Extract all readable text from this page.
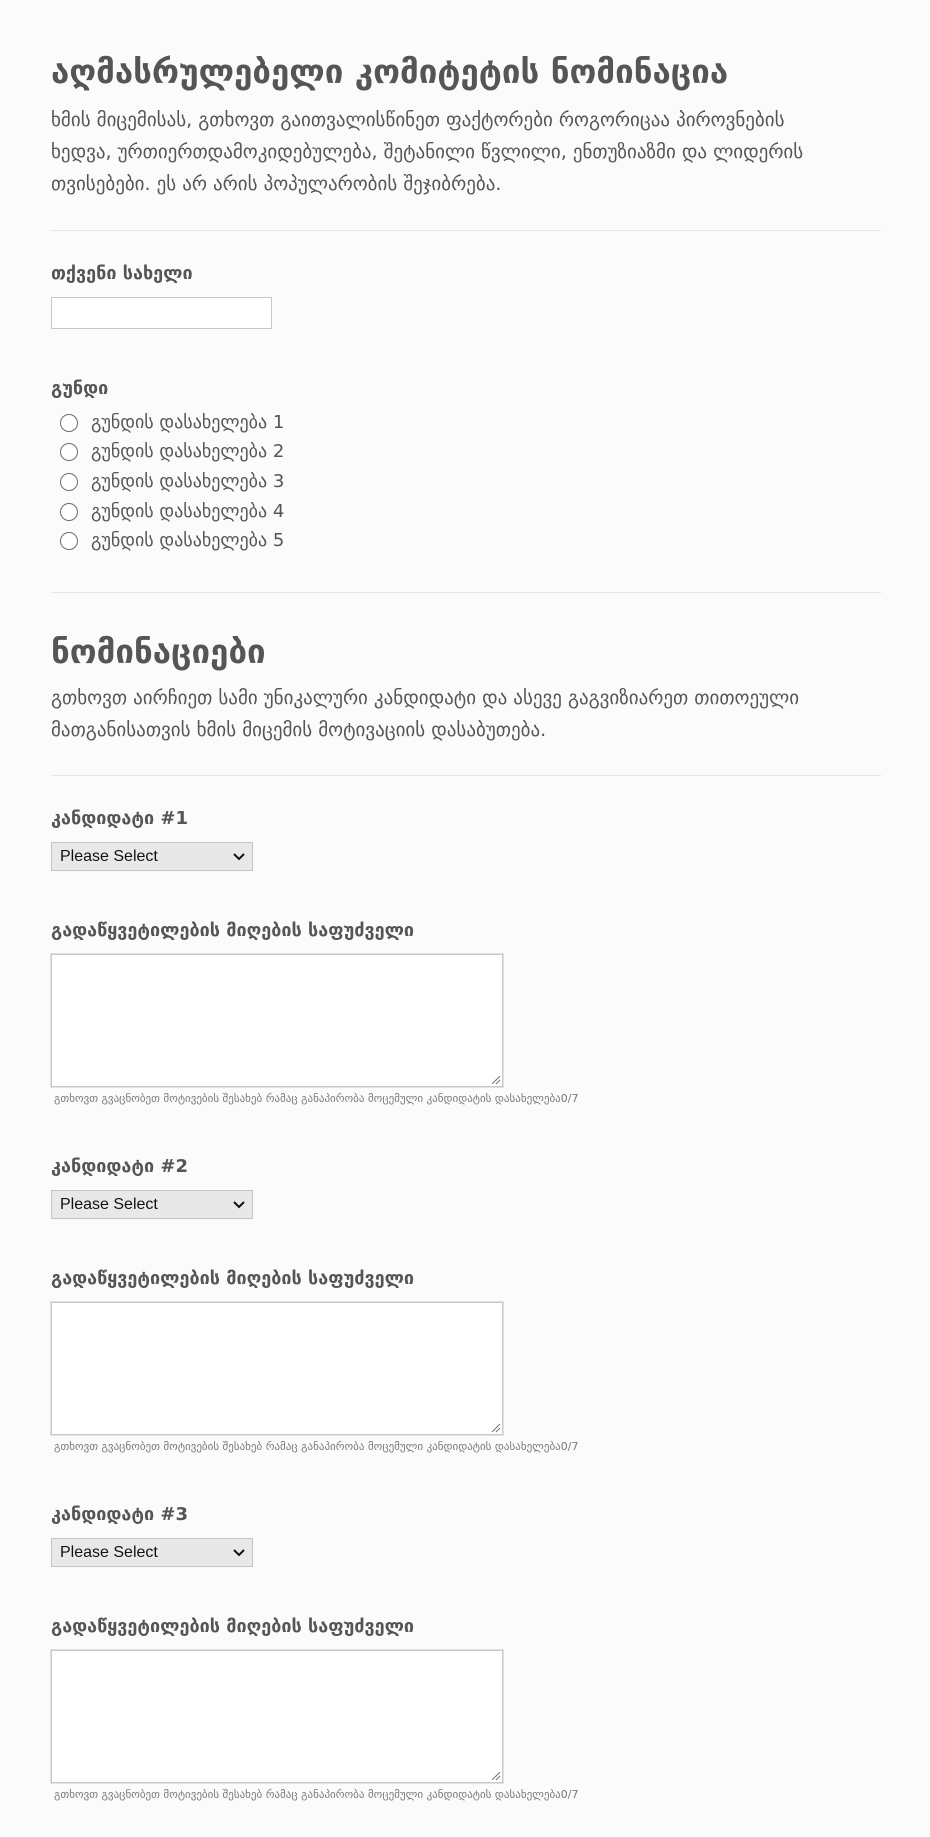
აღმასრულებელი კომიტეტის ნომინაცია
ხმის მიცემისას, გთხოვთ გაითვალისწინეთ ფაქტორები როგორიცაა პიროვნების
ხედვა, ურთიერთდამოკიდებულება, შეტანილი წვლილი, ენთუზიაზმი და ლიდერის
თვისებები. ეს არ არის პოპულარობის შეჯიბრება.
თქვენი სახელი
გუნდი
გუნდის დასახელება 1
გუნდის დასახელება 2
გუნდის დასახელება 3
გუნდის დასახელება 4
გუნდის დასახელება 5
ნომინაციები
გთხოვთ აირჩიეთ სამი უნიკალური კანდიდატი და ასევე გაგვიზიარეთ თითოეული
მათგანისათვის ხმის მიცემის მოტივაციის დასაბუთება.
კანდიდატი #1
Please Select
გადაწყვეტილების მიღების საფუძველი
გთხოვთ გვაცნობეთ მოტივების შესახებ რამაც განაპირობა მოცემული კანდიდატის დასახელება0/7
კანდიდატი #2
Please Select
გადაწყვეტილების მიღების საფუძველი
გთხოვთ გვაცნობეთ მოტივების შესახებ რამაც განაპირობა მოცემული კანდიდატის დასახელება0/7
კანდიდატი #3
Please Select
გადაწყვეტილების მიღების საფუძველი
გთხოვთ გვაცნობეთ მოტივების შესახებ რამაც განაპირობა მოცემული კანდიდატის დასახელება0/7
